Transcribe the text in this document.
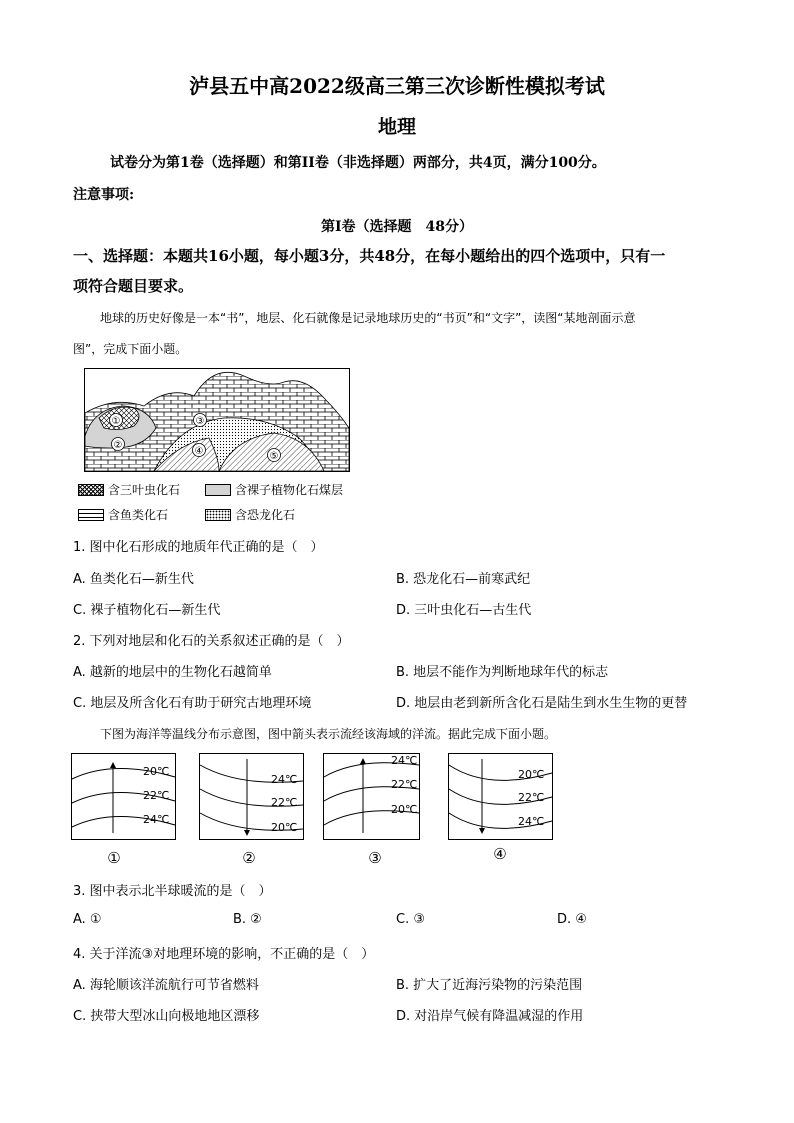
泸县五中高2022级高三第三次诊断性模拟考试
地理
试卷分为第1卷（选择题）和第II卷（非选择题）两部分，共4页，满分100分。
注意事项:
第I卷（选择题　48分）
一、选择题：本题共16小题，每小题3分，共48分，在每小题给出的四个选项中，只有一
项符合题目要求。
地球的历史好像是一本“书”，地层、化石就像是记录地球历史的“书页”和“文字”，读图“某地剖面示意
图”，完成下面小题。
①
②
③
④	⑤
含三叶虫化石	含裸子植物化石煤层
含鱼类化石	含恐龙化石
1. 图中化石形成的地质年代正确的是（　）
A. 鱼类化石—新生代	B. 恐龙化石—前寒武纪
C. 裸子植物化石—新生代	D. 三叶虫化石—古生代
2. 下列对地层和化石的关系叙述正确的是（　）
A. 越新的地层中的生物化石越简单	B. 地层不能作为判断地球年代的标志
C. 地层及所含化石有助于研究古地理环境	D. 地层由老到新所含化石是陆生到水生生物的更替
下图为海洋等温线分布示意图，图中箭头表示流经该海域的洋流。据此完成下面小题。
20℃
22℃
24℃
①
24℃
22℃
20℃
②
24℃
22℃
20℃
③
20℃
22℃
24℃
④
3. 图中表示北半球暖流的是（　）
A. ①	B. ②	C. ③	D. ④
4. 关于洋流③对地理环境的影响，不正确的是（　）
A. 海轮顺该洋流航行可节省燃料	B. 扩大了近海污染物的污染范围
C. 挟带大型冰山向极地地区漂移	D. 对沿岸气候有降温减湿的作用
